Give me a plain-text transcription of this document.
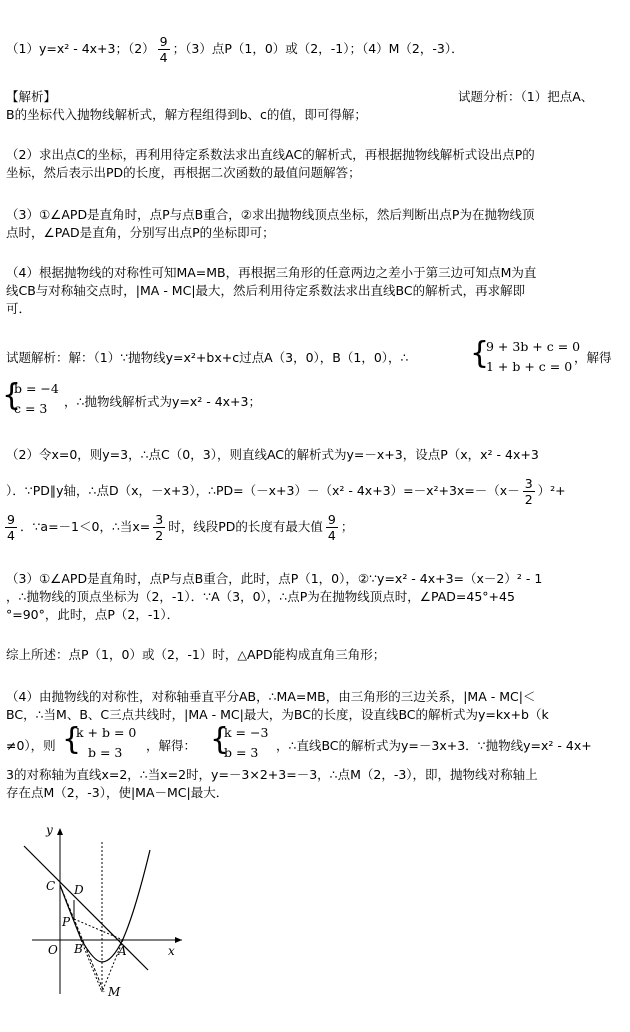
（1）y=x² - 4x+3；$(2) \frac{9}{4}$ ；（3）点P（1，0）或（2，-1）；（4）M（2，-3）．
【解析】	试题分析：（1）把点A、
B的坐标代入抛物线解析式，解方程组得到b、c的值，即可得解；
（2）求出点C的坐标，再利用待定系数法求出直线AC的解析式，再根据抛物线解析式设出点P的
坐标，然后表示出PD的长度，再根据二次函数的最值问题解答；
（3）①∠APD是直角时，点P与点B重合，②求出抛物线顶点坐标，然后判断出点P为在抛物线顶
点时，∠PAD是直角，分别写出点P的坐标即可；
（4）根据抛物线的对称性可知MA=MB，再根据三角形的任意两边之差小于第三边可知点M为直
线CB与对称轴交点时，|MA - MC|最大，然后利用待定系数法求出直线BC的解析式，再求解即
可．
试题解析：解：（1）∵抛物线y=x²+bx+c过点A（3，0），B（1，0），∴ {
9 + 3b + c = 0
1 + b + c = 0
，解得
{
b = −4
c = 3	，∴抛物线解析式为y=x² - 4x+3；
（2）令x=0，则y=3，∴点C（0，3），则直线AC的解析式为y=－x+3，设点P（x，x² - 4x+3
）．∵PD∥y轴，∴点D（x，－x+3），∴PD=（－x+3）－（x² - $4x+3)=-x^2+3x=-(x- \frac{3}{2} )^2+$
$\frac{9}{4}$ ．∵a=－1＜0，∴当$x= \frac{3}{2}$ 时，线段PD的长度有最大值 $\frac{9}{4}$ ；
（3）①∠APD是直角时，点P与点B重合，此时，点P（1，0），②∵y=x² - 4x+3=（x－2）² - 1
，∴抛物线的顶点坐标为（2，-1）．∵A（3，0），∴点P为在抛物线顶点时，∠PAD=45°+45
°=90°，此时，点P（2，-1）．
综上所述：点P（1，0）或（2，-1）时，△APD能构成直角三角形；
（4）由抛物线的对称性，对称轴垂直平分AB，∴MA=MB，由三角形的三边关系，|MA - MC|＜
BC，∴当M、B、C三点共线时，|MA - MC|最大，为BC的长度，设直线BC的解析式为y=kx+b（k
≠0），则 {
k + b = 0
b = 3	，解得： {
k = −3
b = 3	，∴直线BC的解析式为y=－3x+3．∵抛物线y=x² - 4x+
3的对称轴为直线x=2，∴当x=2时，y=－3×2+3=－3，∴点M（2，-3），即，抛物线对称轴上
存在点M（2，-3），使|MA－MC|最大．
y
x
O
C D
P
B	A
M
